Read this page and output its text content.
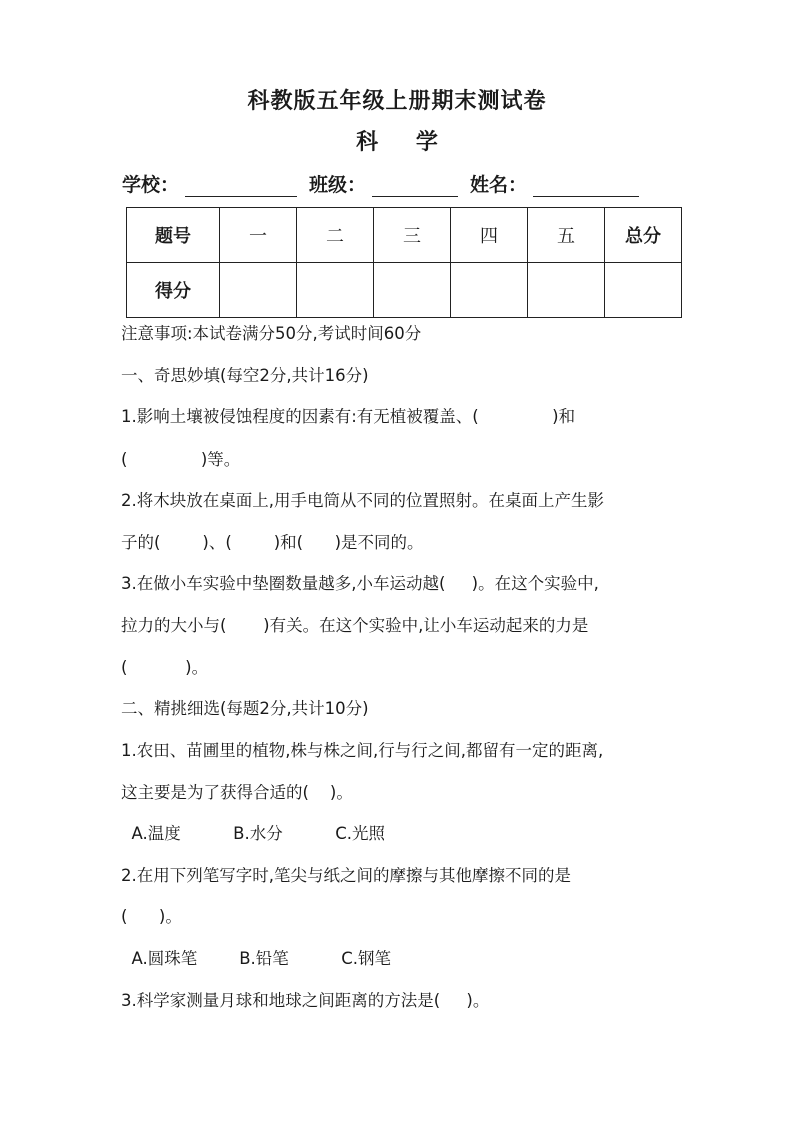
科教版五年级上册期末测试卷
科 学
学校：	班级：	姓名：
题号	一	二	三	四	五	总分
得分						
注意事项:本试卷满分50分,考试时间60分
一、奇思妙填(每空2分,共计16分)
1.影响土壤被侵蚀程度的因素有:有无植被覆盖、(              )和
(              )等。
2.将木块放在桌面上,用手电筒从不同的位置照射。在桌面上产生影
子的(        )、(        )和(      )是不同的。
3.在做小车实验中垫圈数量越多,小车运动越(     )。在这个实验中,
拉力的大小与(       )有关。在这个实验中,让小车运动起来的力是
(           )。
二、精挑细选(每题2分,共计10分)
1.农田、苗圃里的植物,株与株之间,行与行之间,都留有一定的距离,
这主要是为了获得合适的(    )。
A.温度          B.水分          C.光照
2.在用下列笔写字时,笔尖与纸之间的摩擦与其他摩擦不同的是
(      )。
A.圆珠笔        B.铅笔          C.钢笔
3.科学家测量月球和地球之间距离的方法是(     )。
